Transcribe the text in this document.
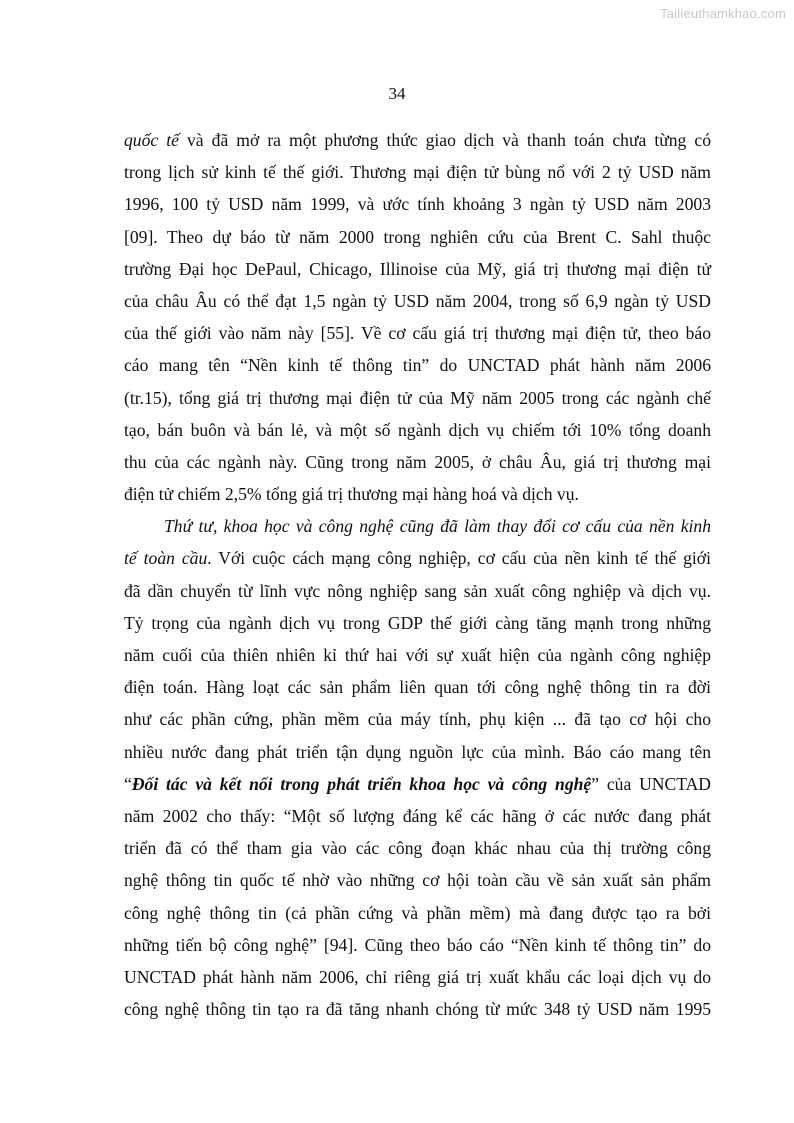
Tailieuthamkhao.com
34
quốc tế và đã mở ra một phương thức giao dịch và thanh toán chưa từng có
trong lịch sử kinh tế thế giới. Thương mại điện tử bùng nổ với 2 tỷ USD năm
1996, 100 tỷ USD năm 1999, và ước tính khoảng 3 ngàn tỷ USD năm 2003
[09]. Theo dự báo từ năm 2000 trong nghiên cứu của Brent C. Sahl thuộc
trường Đại học DePaul, Chicago, Illinoise của Mỹ, giá trị thương mại điện tử
của châu Âu có thể đạt 1,5 ngàn tỷ USD năm 2004, trong số 6,9 ngàn tỷ USD
của thế giới vào năm này [55]. Về cơ cấu giá trị thương mại điện tử, theo báo
cáo mang tên “Nền kinh tế thông tin” do UNCTAD phát hành năm 2006
(tr.15), tổng giá trị thương mại điện tử của Mỹ năm 2005 trong các ngành chế
tạo, bán buôn và bán lẻ, và một số ngành dịch vụ chiếm tới 10% tổng doanh
thu của các ngành này. Cũng trong năm 2005, ở châu Âu, giá trị thương mại
điện tử chiếm 2,5% tổng giá trị thương mại hàng hoá và dịch vụ.
Thứ tư, khoa học và công nghệ cũng đã làm thay đổi cơ cấu của nền kinh
tế toàn cầu. Với cuộc cách mạng công nghiệp, cơ cấu của nền kinh tế thế giới
đã dần chuyển từ lĩnh vực nông nghiệp sang sản xuất công nghiệp và dịch vụ.
Tỷ trọng của ngành dịch vụ trong GDP thế giới càng tăng mạnh trong những
năm cuối của thiên nhiên kỉ thứ hai với sự xuất hiện của ngành công nghiệp
điện toán. Hàng loạt các sản phẩm liên quan tới công nghệ thông tin ra đời
như các phần cứng, phần mềm của máy tính, phụ kiện ... đã tạo cơ hội cho
nhiều nước đang phát triển tận dụng nguồn lực của mình. Báo cáo mang tên
“Đối tác và kết nối trong phát triển khoa học và công nghệ” của UNCTAD
năm 2002 cho thấy: “Một số lượng đáng kể các hãng ở các nước đang phát
triển đã có thể tham gia vào các công đoạn khác nhau của thị trường công
nghệ thông tin quốc tế nhờ vào những cơ hội toàn cầu về sản xuất sản phẩm
công nghệ thông tin (cả phần cứng và phần mềm) mà đang được tạo ra bởi
những tiến bộ công nghệ” [94]. Cũng theo báo cáo “Nền kinh tế thông tin” do
UNCTAD phát hành năm 2006, chỉ riêng giá trị xuất khẩu các loại dịch vụ do
công nghệ thông tin tạo ra đã tăng nhanh chóng từ mức 348 tỷ USD năm 1995
